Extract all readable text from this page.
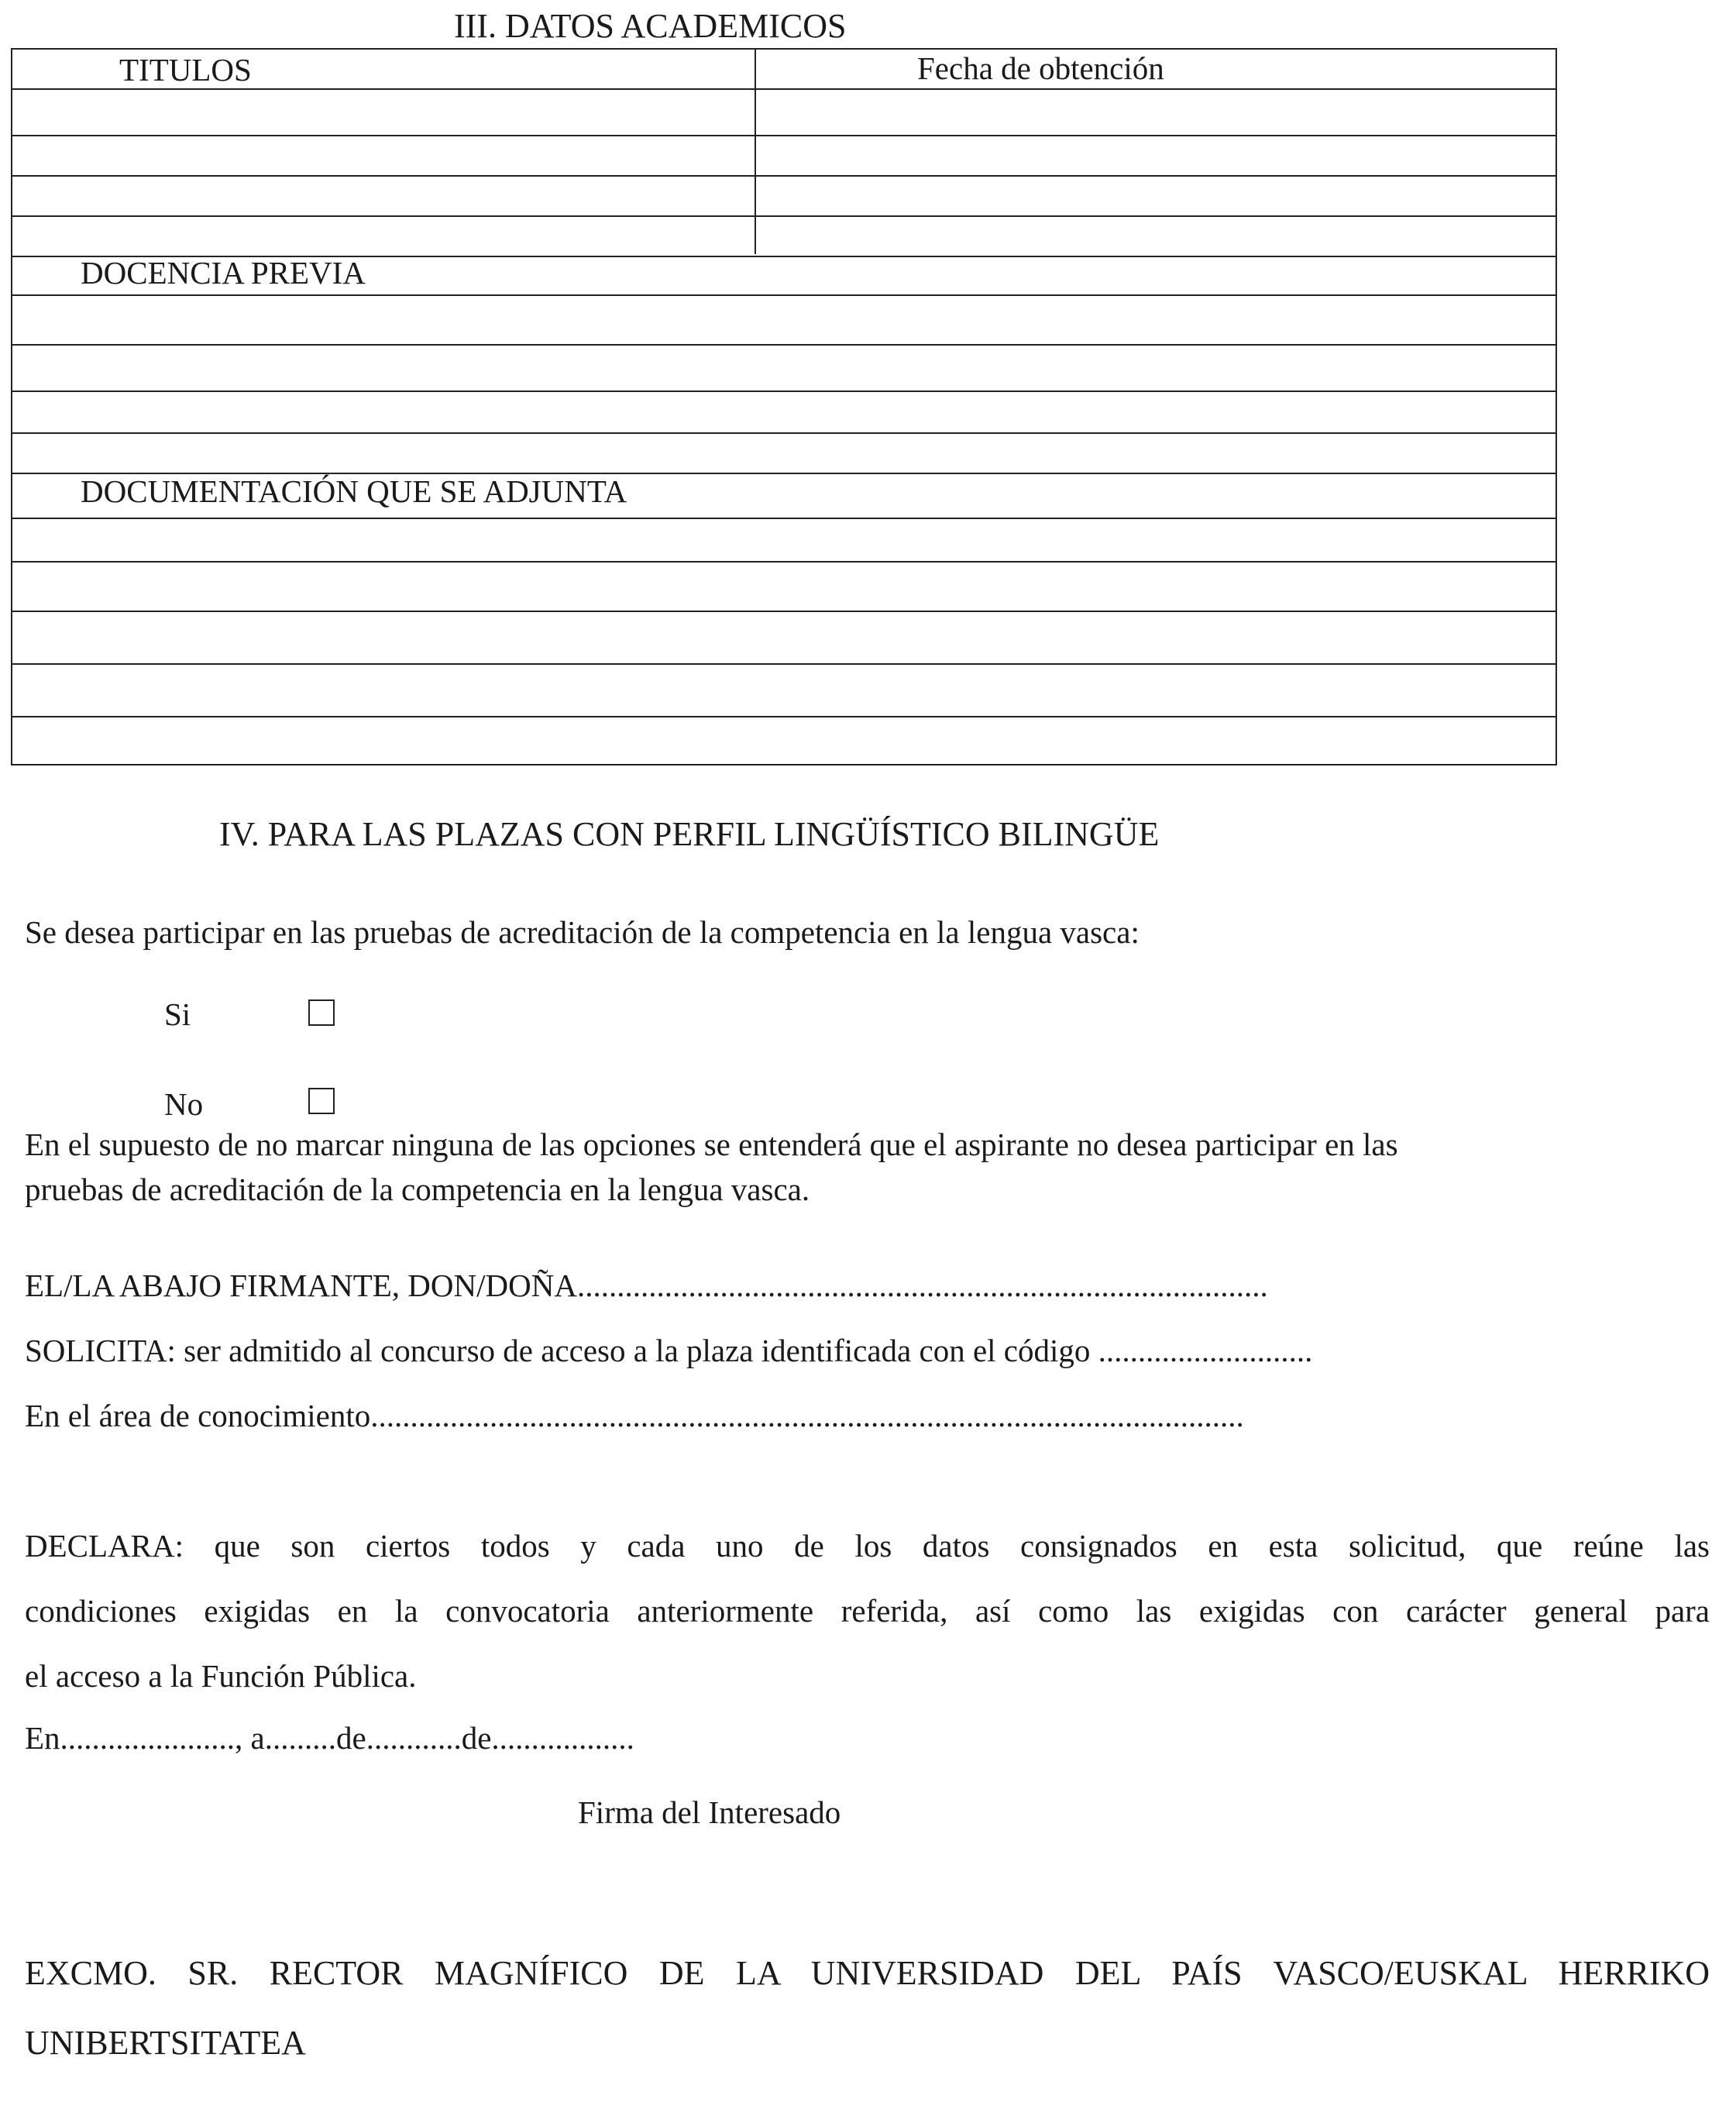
III. DATOS ACADEMICOS
TITULOS	Fecha de obtención
DOCENCIA PREVIA
DOCUMENTACIÓN QUE SE ADJUNTA
IV. PARA LAS PLAZAS CON PERFIL LINGÜÍSTICO BILINGÜE
Se desea participar en las pruebas de acreditación de la competencia en la lengua vasca:
Si
No
En el supuesto de no marcar ninguna de las opciones se entenderá que el aspirante no desea participar en las
pruebas de acreditación de la competencia en la lengua vasca.
EL/LA ABAJO FIRMANTE, DON/DOÑA.......................................................................................
SOLICITA: ser admitido al concurso de acceso a la plaza identificada con el código ...........................
En el área de conocimiento..............................................................................................................
DECLARA: que son ciertos todos y cada uno de los datos consignados en esta solicitud, que reúne las
condiciones exigidas en la convocatoria anteriormente referida, así como las exigidas con carácter general para
el acceso a la Función Pública.
En......................, a.........de............de..................
Firma del Interesado
EXCMO. SR. RECTOR MAGNÍFICO DE LA UNIVERSIDAD DEL PAÍS VASCO/EUSKAL HERRIKO
UNIBERTSITATEA
